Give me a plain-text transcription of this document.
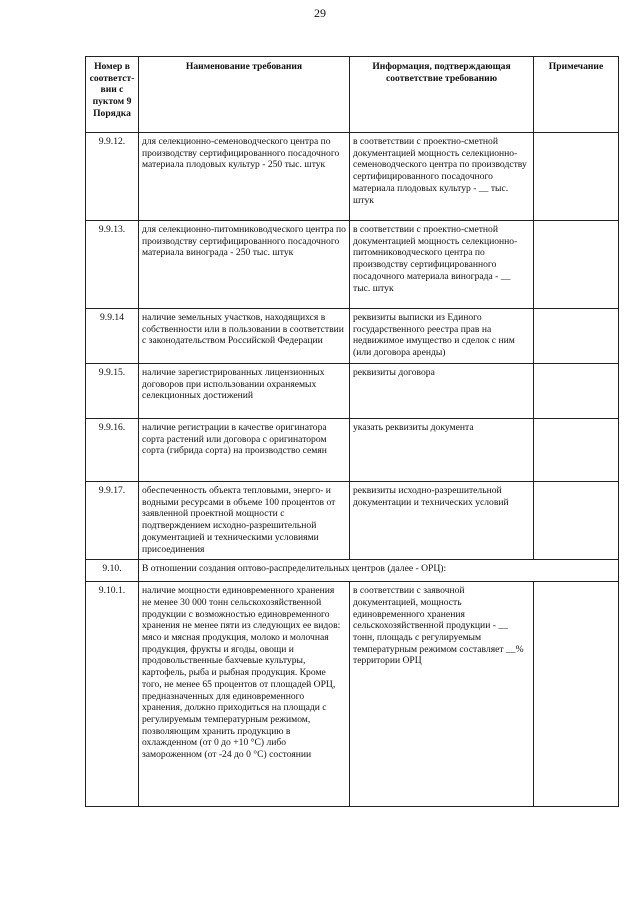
29
Номер в соответст-вии с пуктом 9 Порядка	Наименование требования	Информация, подтверждающая соответствие требованию	Примечание
9.9.12.	для селекционно-семеноводческого центра по производству сертифицированного посадочного материала плодовых культур - 250 тыс. штук	в соответствии с проектно-сметной документацией мощность селекционно-семеноводческого центра по производству сертифицированного посадочного материала плодовых культур - __ тыс. штук	
9.9.13.	для селекционно-питомниководческого центра по производству сертифицированного посадочного материала винограда - 250 тыс. штук	в соответствии с проектно-сметной документацией мощность селекционно-питомниководческого центра по производству сертифицированного посадочного материала винограда - __ тыс. штук	
9.9.14	наличие земельных участков, находящихся в собственности или в пользовании в соответствии с законодательством Российской Федерации	реквизиты выписки из Единого государственного реестра прав на недвижимое имущество и сделок с ним (или договора аренды)	
9.9.15.	наличие зарегистрированных лицензионных договоров при использовании охраняемых селекционных достижений	реквизиты договора	
9.9.16.	наличие регистрации в качестве оригинатора сорта растений или договора с оригинатором сорта (гибрида сорта) на производство семян	указать реквизиты документа	
9.9.17.	обеспеченность объекта тепловыми, энерго- и водными ресурсами в объеме 100 процентов от заявленной проектной мощности с подтверждением исходно-разрешительной документацией и техническими условиями присоединения	реквизиты исходно-разрешительной документации и технических условий	
9.10.	В отношении создания оптово-распределительных центров (далее - ОРЦ):		
9.10.1.	наличие мощности единовременного хранения не менее 30 000 тонн сельскохозяйственной продукции с возможностью единовременного хранения не менее пяти из следующих ее видов: мясо и мясная продукция, молоко и молочная продукция, фрукты и ягоды, овощи и продовольственные бахчевые культуры, картофель, рыба и рыбная продукция. Кроме того, не менее 65 процентов от площадей ОРЦ, предназначенных для единовременного хранения, должно приходиться на площади с регулируемым температурным режимом, позволяющим хранить продукцию в охлажденном (от 0 до +10 °C) либо замороженном (от -24 до 0 °C) состоянии	в соответствии с заявочной документацией, мощность единовременного хранения сельскохозяйственной продукции - __ тонн, площадь с регулируемым температурным режимом составляет __% территории ОРЦ	
